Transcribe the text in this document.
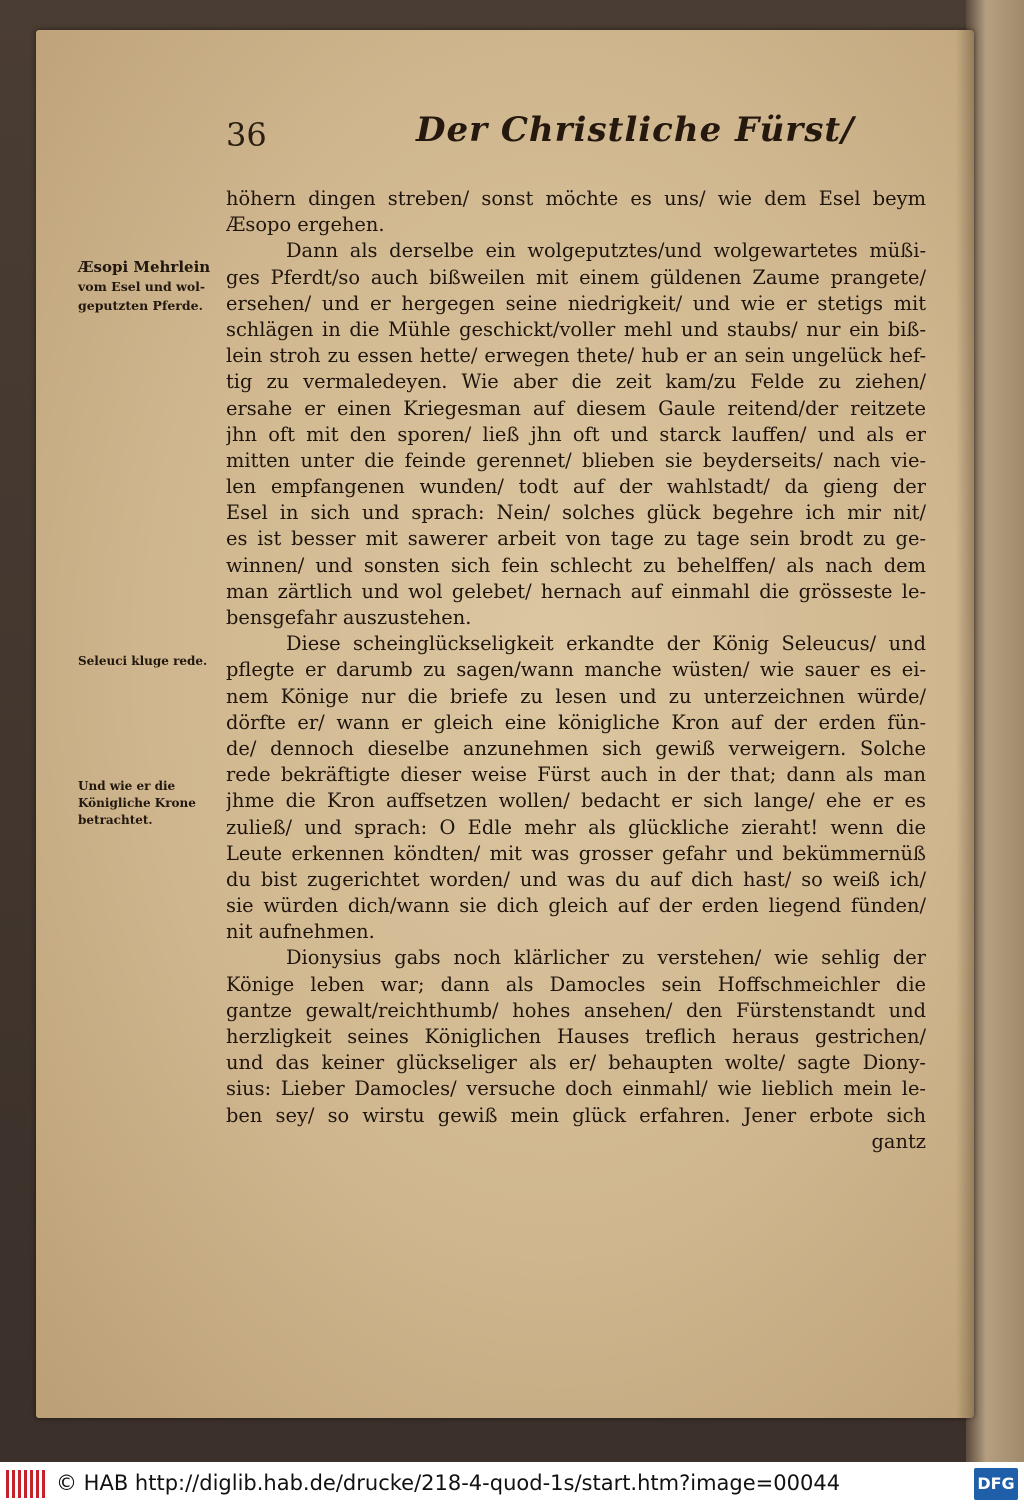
36	Der Christliche Fürst/
Æsopi Mehrlein
vom Esel und wol-
geputzten Pferde.
Seleuci kluge rede.
Und wie er die
Königliche Krone
betrachtet.
höhern dingen streben/ sonst möchte es uns/ wie dem Esel beym
Æsopo ergehen.
Dann als derselbe ein wolgeputztes/und wolgewartetes müßi-
ges Pferdt/so auch bißweilen mit einem güldenen Zaume prangete/
ersehen/ und er hergegen seine niedrigkeit/ und wie er stetigs mit
schlägen in die Mühle geschickt/voller mehl und staubs/ nur ein biß-
lein stroh zu essen hette/ erwegen thete/ hub er an sein ungelück hef-
tig zu vermaledeyen. Wie aber die zeit kam/zu Felde zu ziehen/
ersahe er einen Kriegesman auf diesem Gaule reitend/der reitzete
jhn oft mit den sporen/ ließ jhn oft und starck lauffen/ und als er
mitten unter die feinde gerennet/ blieben sie beyderseits/ nach vie-
len empfangenen wunden/ todt auf der wahlstadt/ da gieng der
Esel in sich und sprach: Nein/ solches glück begehre ich mir nit/
es ist besser mit sawerer arbeit von tage zu tage sein brodt zu ge-
winnen/ und sonsten sich fein schlecht zu behelffen/ als nach dem
man zärtlich und wol gelebet/ hernach auf einmahl die grösseste le-
bensgefahr auszustehen.
Diese scheinglückseligkeit erkandte der König Seleucus/ und
pflegte er darumb zu sagen/wann manche wüsten/ wie sauer es ei-
nem Könige nur die briefe zu lesen und zu unterzeichnen würde/
dörfte er/ wann er gleich eine königliche Kron auf der erden fün-
de/ dennoch dieselbe anzunehmen sich gewiß verweigern. Solche
rede bekräftigte dieser weise Fürst auch in der that; dann als man
jhme die Kron auffsetzen wollen/ bedacht er sich lange/ ehe er es
zuließ/ und sprach: O Edle mehr als glückliche zieraht! wenn die
Leute erkennen köndten/ mit was grosser gefahr und bekümmernüß
du bist zugerichtet worden/ und was du auf dich hast/ so weiß ich/
sie würden dich/wann sie dich gleich auf der erden liegend fünden/
nit aufnehmen.
Dionysius gabs noch klärlicher zu verstehen/ wie sehlig der
Könige leben war; dann als Damocles sein Hoffschmeichler die
gantze gewalt/reichthumb/ hohes ansehen/ den Fürstenstandt und
herzligkeit seines Königlichen Hauses treflich heraus gestrichen/
und das keiner glückseliger als er/ behaupten wolte/ sagte Diony-
sius: Lieber Damocles/ versuche doch einmahl/ wie lieblich mein le-
ben sey/ so wirstu gewiß mein glück erfahren. Jener erbote sich
gantz
© HAB http://diglib.hab.de/drucke/218-4-quod-1s/start.htm?image=00044	DFG
